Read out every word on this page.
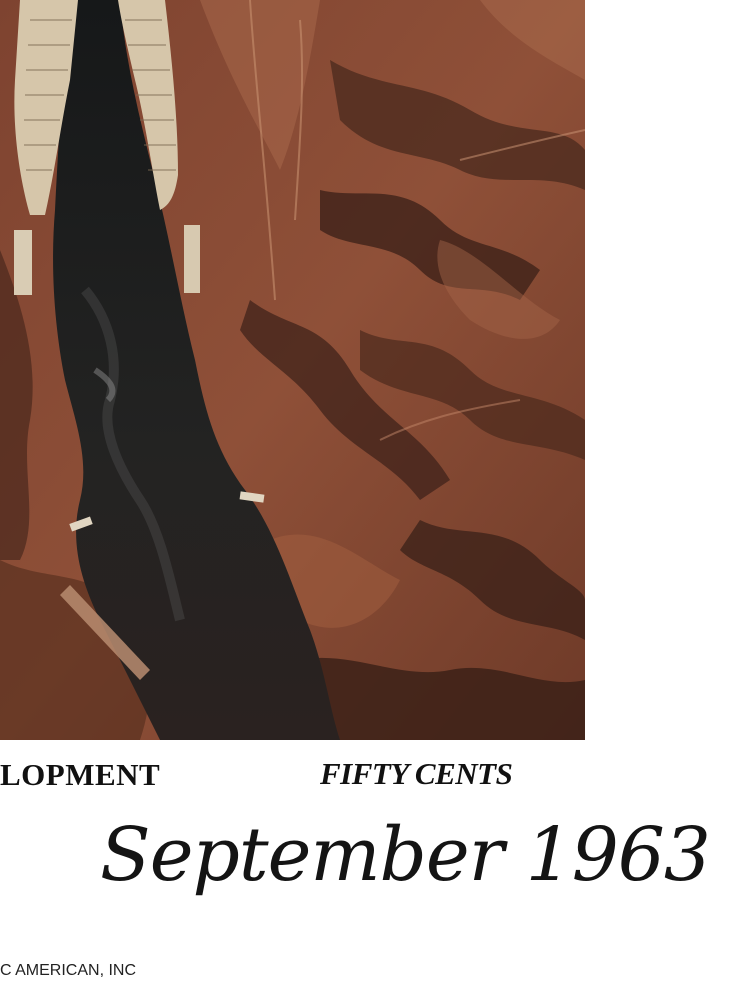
LOPMENT	FIFTY CENTS
September 1963
C AMERICAN, INC
